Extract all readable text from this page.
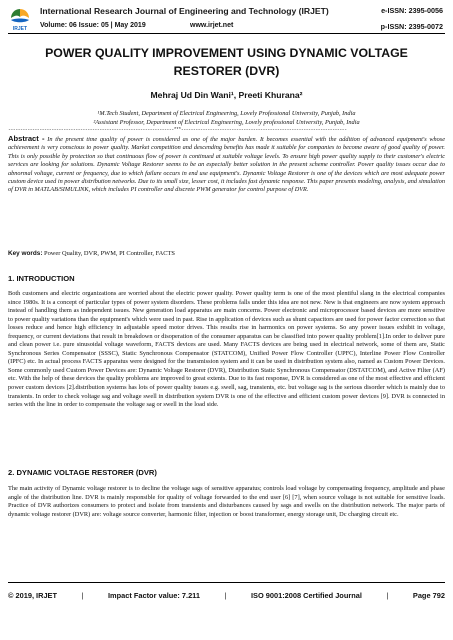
IRJET
International Research Journal of Engineering and Technology (IRJET)	e-ISSN: 2395-0056
Volume: 06 Issue: 05 | May 2019	www.irjet.net	p-ISSN: 2395-0072
POWER QUALITY IMPROVEMENT USING DYNAMIC VOLTAGE
RESTORER (DVR)
Mehraj Ud Din Wani¹, Preeti Khurana²
¹M.Tech Student, Department of Electrical Engineering, Lovely Professional University, Punjab, India
²Assistant Professor, Department of Electrical Engineering, Lovely professional University, Punjab, India
---------------------------------------------------------------------***---------------------------------------------------------------------
Abstract - In the present time quality of power is considered as one of the major burden. It becomes essential with the addition of advanced equipment's whose achievement is very conscious to power quality. Market competition and descending benefits has made it suitable for companies to become aware of good quality of power. This is only possible by protection so that continuous flow of power is continued at suitable voltage levels. To ensure high power quality supply to their customer's electric services are looking for solutions. Dynamic Voltage Restorer seems to be an especially better solution in the present scheme controller. Power quality issues occur due to abnormal voltage, current or frequency, due to which failure occurs in end use equipment's. Dynamic Voltage Restorer is one of the devices which are most adequate power custom device used in power distribution networks. Due to its small size, lesser cost, it includes fast dynamic response. This paper presents modeling, analysis, and simulation of DVR in MATLAB/SIMULINK, which includes PI controller and discrete PWM generator for control purpose of DVR.
Key words: Power Quality, DVR, PWM, PI Controller, FACTS
1. INTRODUCTION
Both customers and electric organizations are worried about the electric power quality. Power quality term is one of the most plentiful slang in the electrical companies since 1980s. It is a concept of particular types of power system disorders. These problems falls under this idea are not new. New is that engineers are now system approach instead of handling them as independent issues. New generation load apparatus are main concerns. Power electronic and microprocessor based devices are more sensitive to power quality variations than the equipment's which were used in past. Rise in application of devices such as shunt capacitors are used for power factor correction so that losses reduce and hence high efficiency in adjustable speed motor drives. This results rise in harmonics on power systems. So any power issues exhibit in voltage, frequency, or current deviations that result in breakdown or disoperation of the consumer apparatus can be classified into power quality problem[1].In order to deliver pure and clean power i.e. pure sinusoidal voltage waveform, FACTS devices are used. Many FACTS devices are being used in electrical network, some of them are, Static Synchronous Series Compensator (SSSC), Static Synchronous Compensator (STATCOM), Unified Power Flow Controller (UPFC), Interline Power Flow Controller (IPFC) etc. In actual process FACTS apparatus were designed for the transmission system and it can be used in distribution system also, named as Custom Power Devices. Some commonly used Custom Power Devices are: Dynamic Voltage Restorer (DVR), Distribution Static Synchronous Compensator (DSTATCOM), and Active Filter (AF) etc. With the help of these devices the quality problems are improved to great extents. Due to its fast response, DVR is considered as one of the most effective and efficient power custom devices [2].distribution systems has lots of power quality issues e.g. swell, sag, transients, etc. but voltage sag is the serious disorder which is mainly due to transients. In order to check voltage sag and voltage swell in distribution system DVR is one of the effective and efficient custom power devices [9]. DVR is connected in series with the line in order to compensate the voltage sag or swell in the load side.
2. DYNAMIC VOLTAGE RESTORER (DVR)
The main activity of Dynamic voltage restorer is to decline the voltage sags of sensitive apparatus; controls load voltage by compensating frequency, amplitude and phase angle of the distribution line. DVR is mainly responsible for quality of voltage forwarded to the end user [6] [7], when source voltage is not suitable for sensitive loads. Practice of DVR authorizes consumers to protect and isolate from transients and disturbances caused by sags and swells on the distribution network. The major parts of dynamic voltage restorer (DVR) are: voltage source converter, harmonic filter, injection or boost transformer, energy storage unit, Dc charging circuit etc.
© 2019, IRJET	|	Impact Factor value: 7.211	|	ISO 9001:2008 Certified Journal	|	Page 792
